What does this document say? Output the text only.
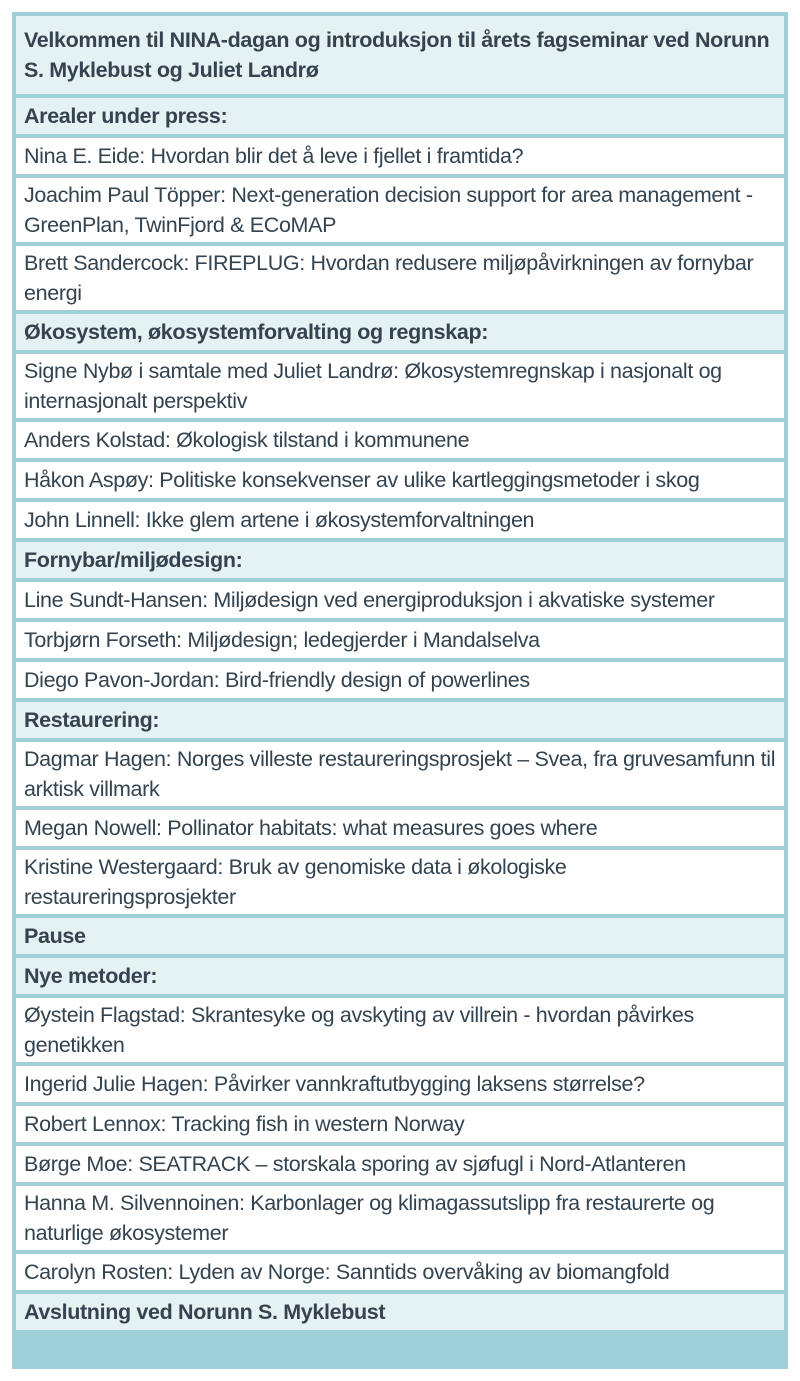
Velkommen til NINA-dagan og introduksjon til årets fagseminar ved Norunn S. Myklebust og Juliet Landrø
Arealer under press:
Nina E. Eide: Hvordan blir det å leve i fjellet i framtida?
Joachim Paul Töpper: Next-generation decision support for area management - GreenPlan, TwinFjord & ECoMAP
Brett Sandercock: FIREPLUG: Hvordan redusere miljøpåvirkningen av fornybar energi
Økosystem, økosystemforvalting og regnskap:
Signe Nybø i samtale med Juliet Landrø: Økosystemregnskap i nasjonalt og internasjonalt perspektiv
Anders Kolstad: Økologisk tilstand i kommunene
Håkon Aspøy: Politiske konsekvenser av ulike kartleggingsmetoder i skog
John Linnell: Ikke glem artene i økosystemforvaltningen
Fornybar/miljødesign:
Line Sundt-Hansen: Miljødesign ved energiproduksjon i akvatiske systemer
Torbjørn Forseth: Miljødesign; ledegjerder i Mandalselva
Diego Pavon-Jordan: Bird-friendly design of powerlines
Restaurering:
Dagmar Hagen: Norges villeste restaureringsprosjekt – Svea, fra gruvesamfunn til arktisk villmark
Megan Nowell: Pollinator habitats: what measures goes where
Kristine Westergaard: Bruk av genomiske data i økologiske restaureringsprosjekter
Pause
Nye metoder:
Øystein Flagstad: Skrantesyke og avskyting av villrein - hvordan påvirkes genetikken
Ingerid Julie Hagen: Påvirker vannkraftutbygging laksens størrelse?
Robert Lennox: Tracking fish in western Norway
Børge Moe: SEATRACK – storskala sporing av sjøfugl i Nord-Atlanteren
Hanna M. Silvennoinen: Karbonlager og klimagassutslipp fra restaurerte og naturlige økosystemer
Carolyn Rosten: Lyden av Norge: Sanntids overvåking av biomangfold
Avslutning ved Norunn S. Myklebust
